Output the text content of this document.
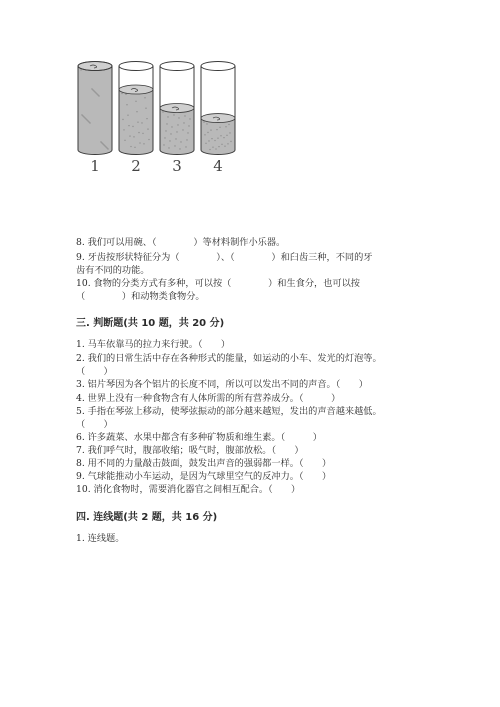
1 2 3 4
8. 我们可以用碗、（　　　　）等材料制作小乐器。
9. 牙齿按形状特征分为（　　　　）、（　　　　）和臼齿三种，不同的牙
齿有不同的功能。
10. 食物的分类方式有多种，可以按（　　　　）和生食分，也可以按
（　　　　）和动物类食物分。
三. 判断题(共 10 题，共 20 分)
1. 马车依靠马的拉力来行驶。（　　）
2. 我们的日常生活中存在各种形式的能量，如运动的小车、发光的灯泡等。
（　　）
3. 铝片琴因为各个铝片的长度不同，所以可以发出不同的声音。（　　）
4. 世界上没有一种食物含有人体所需的所有营养成分。（　　　）
5. 手指在琴弦上移动，使琴弦振动的部分越来越短，发出的声音越来越低。
（　　）
6. 许多蔬菜、水果中都含有多种矿物质和维生素。（　　　）
7. 我们呼气时，腹部收缩；吸气时，腹部放松。（　　）
8. 用不同的力量敲击鼓面，鼓发出声音的强弱都一样。（　　）
9. 气球能推动小车运动，是因为气球里空气的反冲力。（　　）
10. 消化食物时，需要消化器官之间相互配合。（　　）
四. 连线题(共 2 题，共 16 分)
1. 连线题。
